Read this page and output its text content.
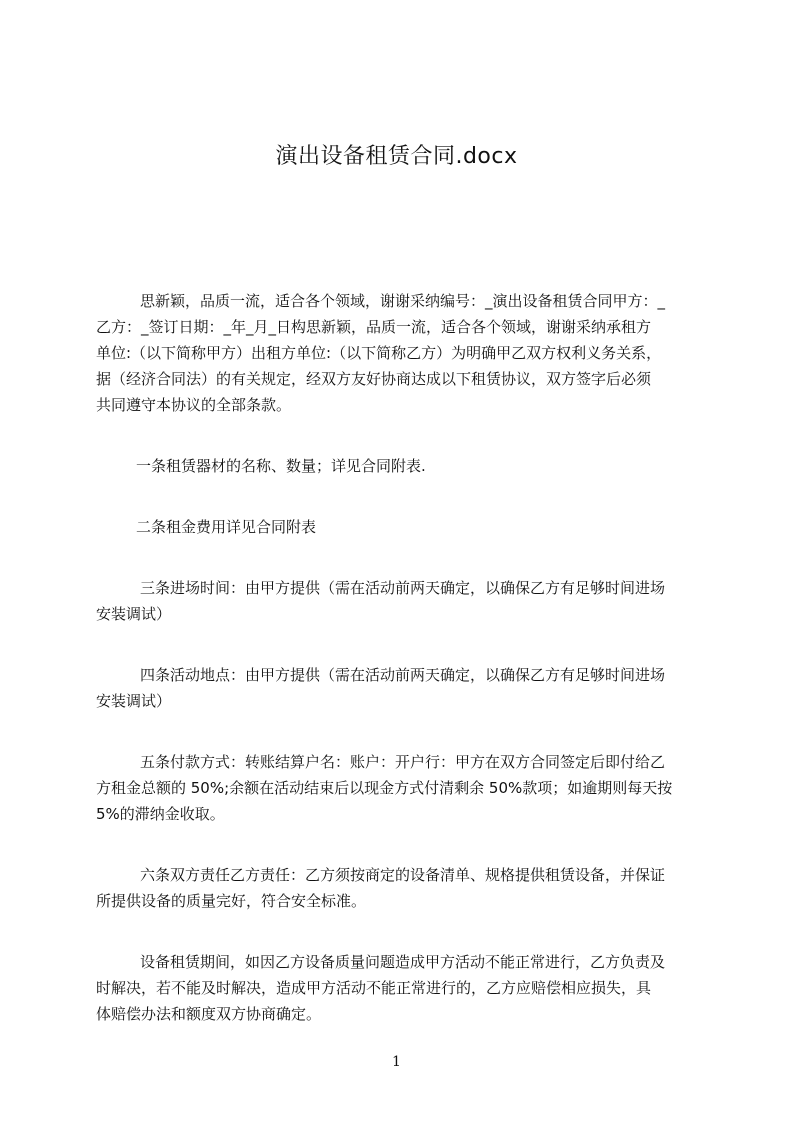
演出设备租赁合同.docx
思新颖，品质一流，适合各个领域，谢谢采纳编号：_演出设备租赁合同甲方：_
乙方：_签订日期：_年_月_日构思新颖，品质一流，适合各个领域，谢谢采纳承租方
单位:（以下简称甲方）出租方单位:（以下简称乙方）为明确甲乙双方权利义务关系，
据（经济合同法）的有关规定，经双方友好协商达成以下租赁协议，双方签字后必须
共同遵守本协议的全部条款。
一条租赁器材的名称、数量；详见合同附表.
二条租金费用详见合同附表
三条进场时间：由甲方提供（需在活动前两天确定，以确保乙方有足够时间进场
安装调试）
四条活动地点：由甲方提供（需在活动前两天确定，以确保乙方有足够时间进场
安装调试）
五条付款方式：转账结算户名：账户：开户行：甲方在双方合同签定后即付给乙
方租金总额的 50%;余额在活动结束后以现金方式付清剩余 50%款项；如逾期则每天按
5%的滞纳金收取。
六条双方责任乙方责任：乙方须按商定的设备清单、规格提供租赁设备，并保证
所提供设备的质量完好，符合安全标准。
设备租赁期间，如因乙方设备质量问题造成甲方活动不能正常进行，乙方负责及
时解决，若不能及时解决，造成甲方活动不能正常进行的，乙方应赔偿相应损失，具
体赔偿办法和额度双方协商确定。
1
